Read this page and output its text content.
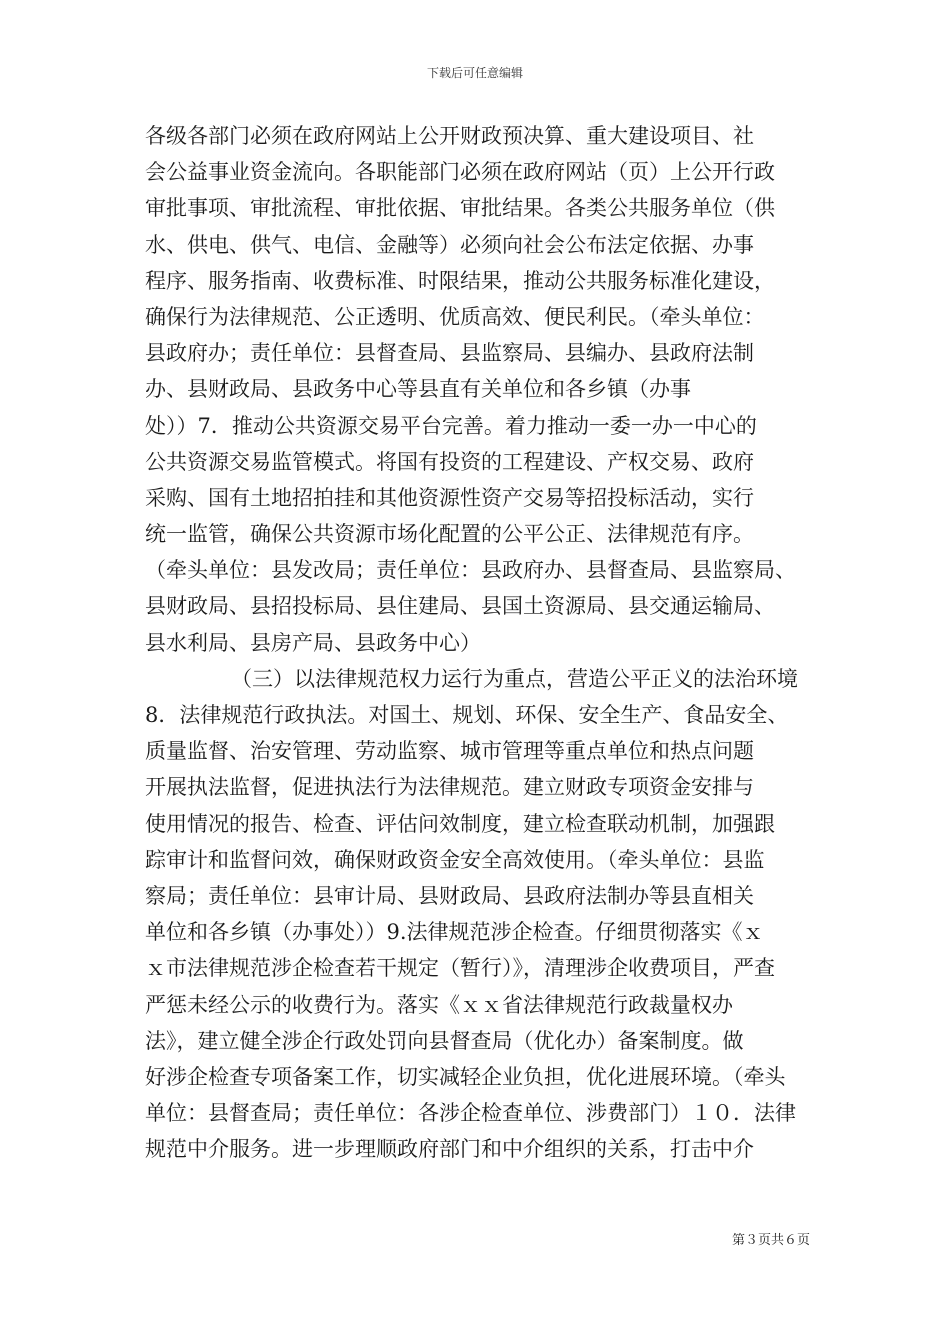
下载后可任意编辑
各级各部门必须在政府网站上公开财政预决算、重大建设项目、社
会公益事业资金流向。各职能部门必须在政府网站（页）上公开行政
审批事项、审批流程、审批依据、审批结果。各类公共服务单位（供
水、供电、供气、电信、金融等）必须向社会公布法定依据、办事
程序、服务指南、收费标准、时限结果，推动公共服务标准化建设，
确保行为法律规范、公正透明、优质高效、便民利民。（牵头单位：
县政府办；责任单位：县督查局、县监察局、县编办、县政府法制
办、县财政局、县政务中心等县直有关单位和各乡镇（办事
处））7．推动公共资源交易平台完善。着力推动一委一办一中心的
公共资源交易监管模式。将国有投资的工程建设、产权交易、政府
采购、国有土地招拍挂和其他资源性资产交易等招投标活动，实行
统一监管，确保公共资源市场化配置的公平公正、法律规范有序。
（牵头单位：县发改局；责任单位：县政府办、县督查局、县监察局、
县财政局、县招投标局、县住建局、县国土资源局、县交通运输局、
县水利局、县房产局、县政务中心）
（三）以法律规范权力运行为重点，营造公平正义的法治环境
8．法律规范行政执法。对国土、规划、环保、安全生产、食品安全、
质量监督、治安管理、劳动监察、城市管理等重点单位和热点问题
开展执法监督，促进执法行为法律规范。建立财政专项资金安排与
使用情况的报告、检查、评估问效制度，建立检查联动机制，加强跟
踪审计和监督问效，确保财政资金安全高效使用。（牵头单位：县监
察局；责任单位：县审计局、县财政局、县政府法制办等县直相关
单位和各乡镇（办事处））9.法律规范涉企检查。仔细贯彻落实《ｘ
ｘ市法律规范涉企检查若干规定（暂行）》，清理涉企收费项目，严查
严惩未经公示的收费行为。落实《ｘｘ省法律规范行政裁量权办
法》，建立健全涉企行政处罚向县督查局（优化办）备案制度。做
好涉企检查专项备案工作，切实减轻企业负担，优化进展环境。（牵头
单位：县督查局；责任单位：各涉企检查单位、涉费部门）１０．法律
规范中介服务。进一步理顺政府部门和中介组织的关系，打击中介
第３页共６页
